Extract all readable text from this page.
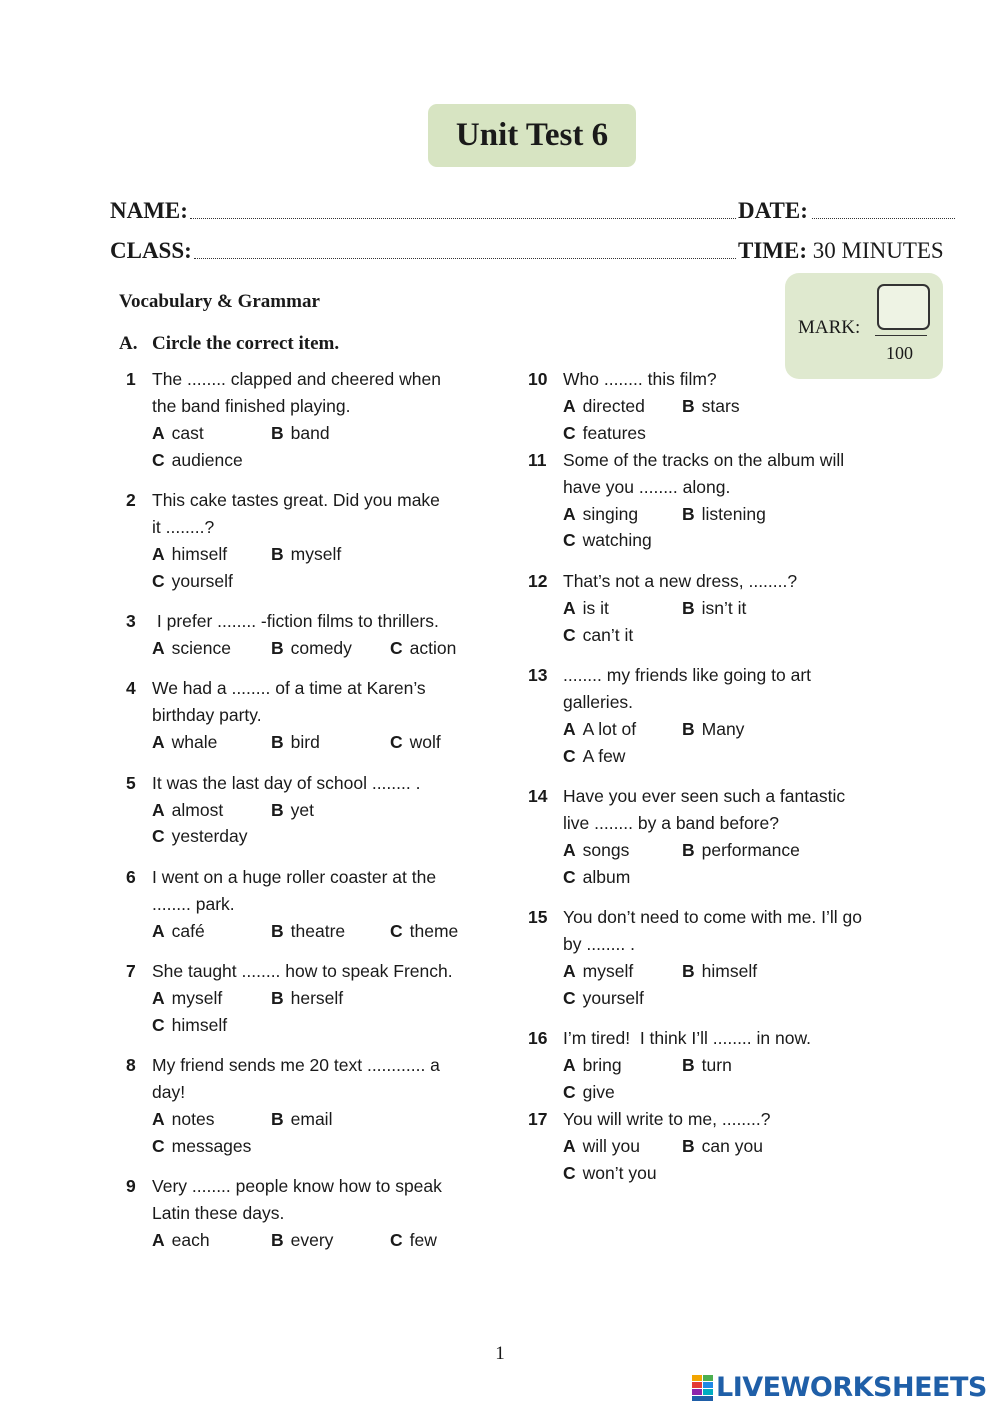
Unit Test 6
NAME:	DATE:
CLASS:	TIME: 30 MINUTES
MARK:
100
Vocabulary & Grammar
A. Circle the correct item.
1 The ........ clapped and cheered when
the band finished playing.
A cast	B band
C audience
2 This cake tastes great. Did you make
it ........?
A himself	B myself
C yourself
3 I prefer ........ -fiction films to thrillers.
A science B comedy C action
4 We had a ........ of a time at Karen’s
birthday party.
A whale	B bird	C wolf
5 It was the last day of school ........ .
A almost	B yet
C yesterday
6 I went on a huge roller coaster at the
........ park.
A café	B theatre	C theme
7 She taught ........ how to speak French.
A myself	B herself
C himself
8 My friend sends me 20 text ............ a
day!
A notes	B email
C messages
9 Very ........ people know how to speak
Latin these days.
A each	B every	C few
10 Who ........ this film?
A directed B stars
C features
11 Some of the tracks on the album will
have you ........ along.
A singing	B listening
C watching
12 That’s not a new dress, ........?
A is it	B isn’t it
C can’t it
13 ........ my friends like going to art
galleries.
A A lot of	B Many
C A few
14 Have you ever seen such a fantastic
live ........ by a band before?
A songs	B performance
C album
15 You don’t need to come with me. I’ll go
by ........ .
A myself	B himself
C yourself
16 I’m tired!  I think I’ll ........ in now.
A bring	B turn
C give
17 You will write to me, ........?
A will you B can you
C won’t you
1
LIVEWORKSHEETS
